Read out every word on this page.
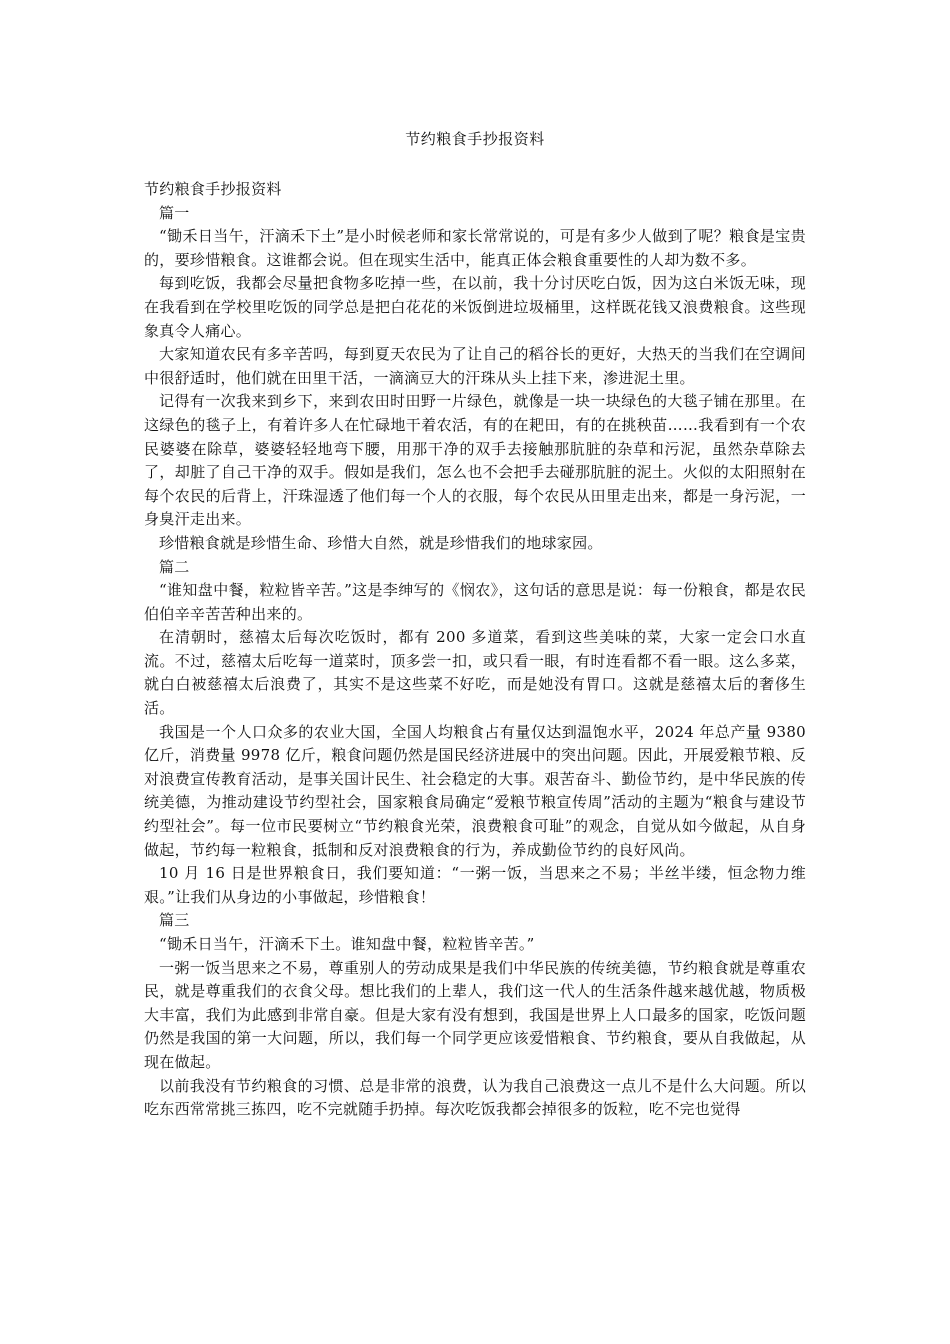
节约粮食手抄报资料

节约粮食手抄报资料

篇一

“锄禾日当午，汗滴禾下土”是小时候老师和家长常常说的，可是有多少人做到了呢？粮食是宝贵的，要珍惜粮食。这谁都会说。但在现实生活中，能真正体会粮食重要性的人却为数不多。

每到吃饭，我都会尽量把食物多吃掉一些，在以前，我十分讨厌吃白饭，因为这白米饭无味，现在我看到在学校里吃饭的同学总是把白花花的米饭倒进垃圾桶里，这样既花钱又浪费粮食。这些现象真令人痛心。

大家知道农民有多辛苦吗，每到夏天农民为了让自己的稻谷长的更好，大热天的当我们在空调间中很舒适时，他们就在田里干活，一滴滴豆大的汗珠从头上挂下来，渗进泥土里。

记得有一次我来到乡下，来到农田时田野一片绿色，就像是一块一块绿色的大毯子铺在那里。在这绿色的毯子上，有着许多人在忙碌地干着农活，有的在耙田，有的在挑秧苗……我看到有一个农民婆婆在除草，婆婆轻轻地弯下腰，用那干净的双手去接触那肮脏的杂草和污泥，虽然杂草除去了，却脏了自己干净的双手。假如是我们，怎么也不会把手去碰那肮脏的泥土。火似的太阳照射在每个农民的后背上，汗珠湿透了他们每一个人的衣服，每个农民从田里走出来，都是一身污泥，一身臭汗走出来。

珍惜粮食就是珍惜生命、珍惜大自然，就是珍惜我们的地球家园。

篇二

“谁知盘中餐，粒粒皆辛苦。”这是李绅写的《悯农》，这句话的意思是说：每一份粮食，都是农民伯伯辛辛苦苦种出来的。

在清朝时，慈禧太后每次吃饭时，都有 200 多道菜，看到这些美味的菜，大家一定会口水直流。不过，慈禧太后吃每一道菜时，顶多尝一扣，或只看一眼，有时连看都不看一眼。这么多菜，就白白被慈禧太后浪费了，其实不是这些菜不好吃，而是她没有胃口。这就是慈禧太后的奢侈生活。

我国是一个人口众多的农业大国，全国人均粮食占有量仅达到温饱水平，2024 年总产量 9380 亿斤，消费量 9978 亿斤，粮食问题仍然是国民经济进展中的突出问题。因此，开展爱粮节粮、反对浪费宣传教育活动，是事关国计民生、社会稳定的大事。艰苦奋斗、勤俭节约，是中华民族的传统美德，为推动建设节约型社会，国家粮食局确定“爱粮节粮宣传周”活动的主题为“粮食与建设节约型社会”。每一位市民要树立“节约粮食光荣，浪费粮食可耻”的观念，自觉从如今做起，从自身做起，节约每一粒粮食，抵制和反对浪费粮食的行为，养成勤俭节约的良好风尚。

10 月 16 日是世界粮食日，我们要知道：“一粥一饭，当思来之不易；半丝半缕，恒念物力维艰。”让我们从身边的小事做起，珍惜粮食！

篇三

“锄禾日当午，汗滴禾下土。谁知盘中餐，粒粒皆辛苦。”

一粥一饭当思来之不易，尊重别人的劳动成果是我们中华民族的传统美德，节约粮食就是尊重农民，就是尊重我们的衣食父母。想比我们的上辈人，我们这一代人的生活条件越来越优越，物质极大丰富，我们为此感到非常自豪。但是大家有没有想到，我国是世界上人口最多的国家，吃饭问题仍然是我国的第一大问题，所以，我们每一个同学更应该爱惜粮食、节约粮食，要从自我做起，从现在做起。

以前我没有节约粮食的习惯、总是非常的浪费，认为我自己浪费这一点儿不是什么大问题。所以吃东西常常挑三拣四，吃不完就随手扔掉。每次吃饭我都会掉很多的饭粒，吃不完也觉得
